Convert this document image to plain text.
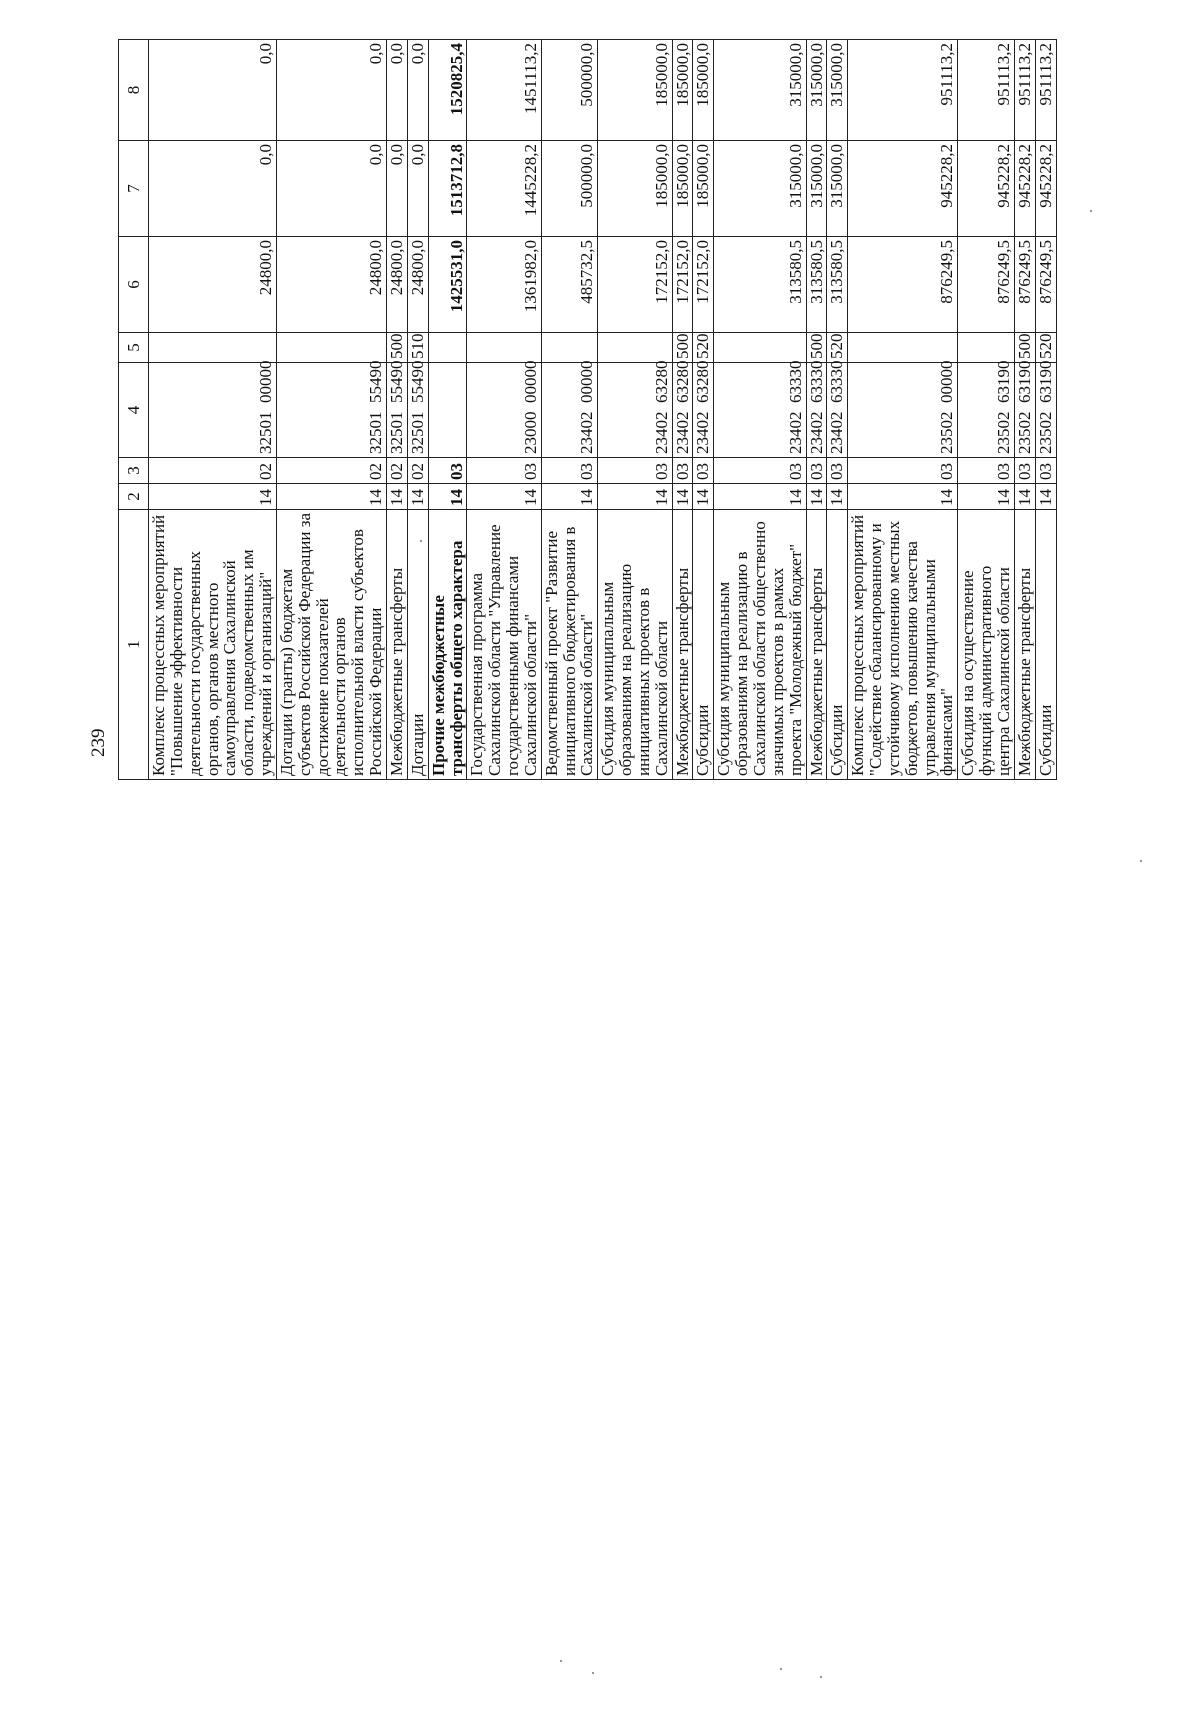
239
1	2	3	4	5	6	7	8
Комплекс процессных мероприятий "Повышение эффективности деятельности государственных органов, органов местного самоуправления Сахалинской области, подведомственных им учреждений и организаций"	14	02	32501  00000		24800,0	0,0	0,0
Дотации (гранты) бюджетам субъектов Российской Федерации за достижение показателей деятельности органов исполнительной власти субъектов Российской Федерации	14	02	32501  55490		24800,0	0,0	0,0
Межбюджетные трансферты	14	02	32501  55490	500	24800,0	0,0	0,0
Дотации	14	02	32501  55490	510	24800,0	0,0	0,0
Прочие межбюджетные трансферты общего характера	14	03			1425531,0	1513712,8	1520825,4
Государственная программа Сахалинской области "Управление государственными финансами Сахалинской области"	14	03	23000  00000		1361982,0	1445228,2	1451113,2
Ведомственный проект "Развитие инициативного бюджетирования в Сахалинской области"	14	03	23402  00000		485732,5	500000,0	500000,0
Субсидия муниципальным образованиям на реализацию инициативных проектов в Сахалинской области	14	03	23402  63280		172152,0	185000,0	185000,0
Межбюджетные трансферты	14	03	23402  63280	500	172152,0	185000,0	185000,0
Субсидии	14	03	23402  63280	520	172152,0	185000,0	185000,0
Субсидия муниципальным образованиям на реализацию в Сахалинской области общественно значимых проектов в рамках проекта "Молодежный бюджет"	14	03	23402  63330		313580,5	315000,0	315000,0
Межбюджетные трансферты	14	03	23402  63330	500	313580,5	315000,0	315000,0
Субсидии	14	03	23402  63330	520	313580,5	315000,0	315000,0
Комплекс процессных мероприятий "Содействие сбалансированному и устойчивому исполнению местных бюджетов, повышению качества управления муниципальными финансами"	14	03	23502  00000		876249,5	945228,2	951113,2
Субсидия на осуществление функций административного центра Сахалинской области	14	03	23502  63190		876249,5	945228,2	951113,2
Межбюджетные трансферты	14	03	23502  63190	500	876249,5	945228,2	951113,2
Субсидии	14	03	23502  63190	520	876249,5	945228,2	951113,2
